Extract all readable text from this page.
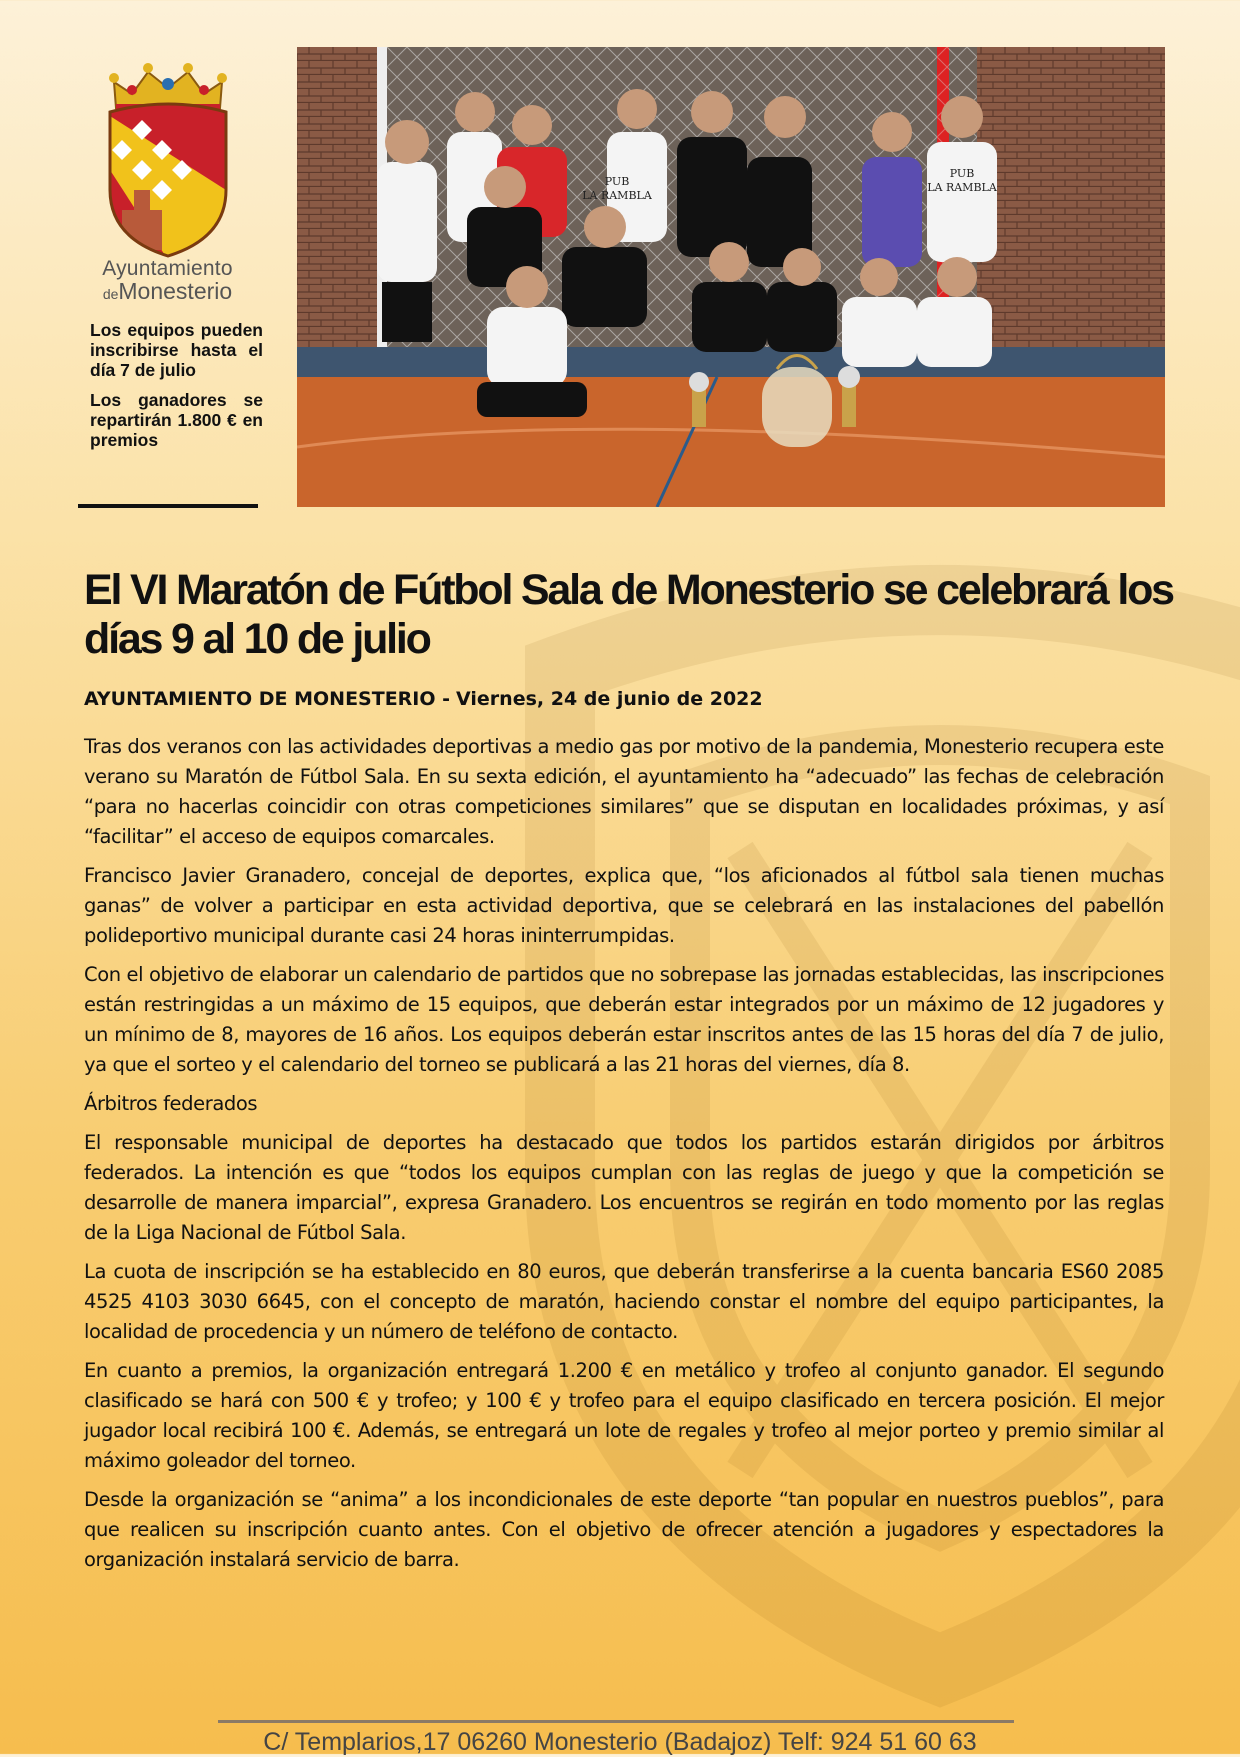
Ayuntamiento
deMonesterio

Los equipos pueden inscribirse hasta el día 7 de julio

Los ganadores se repartirán 1.800 € en premios

PUB
LA RAMBLA
PUB
LA RAMBLA
El VI Maratón de Fútbol Sala de Monesterio se celebrará los días 9 al 10 de julio

AYUNTAMIENTO DE MONESTERIO - Viernes, 24 de junio de 2022

Tras dos veranos con las actividades deportivas a medio gas por motivo de la pandemia, Monesterio recupera este verano su Maratón de Fútbol Sala. En su sexta edición, el ayuntamiento ha “adecuado” las fechas de celebración “para no hacerlas coincidir con otras competiciones similares” que se disputan en localidades próximas, y así “facilitar” el acceso de equipos comarcales.

Francisco Javier Granadero, concejal de deportes, explica que, “los aficionados al fútbol sala tienen muchas ganas” de volver a participar en esta actividad deportiva, que se celebrará en las instalaciones del pabellón polideportivo municipal durante casi 24 horas ininterrumpidas.

Con el objetivo de elaborar un calendario de partidos que no sobrepase las jornadas establecidas, las inscripciones están restringidas a un máximo de 15 equipos, que deberán estar integrados por un máximo de 12 jugadores y un mínimo de 8, mayores de 16 años. Los equipos deberán estar inscritos antes de las 15 horas del día 7 de julio, ya que el sorteo y el calendario del torneo se publicará a las 21 horas del viernes, día 8.

Árbitros federados

El responsable municipal de deportes ha destacado que todos los partidos estarán dirigidos por árbitros federados. La intención es que “todos los equipos cumplan con las reglas de juego y que la competición se desarrolle de manera imparcial”, expresa Granadero. Los encuentros se regirán en todo momento por las reglas de la Liga Nacional de Fútbol Sala.

La cuota de inscripción se ha establecido en 80 euros, que deberán transferirse a la cuenta bancaria ES60 2085 4525 4103 3030 6645, con el concepto de maratón, haciendo constar el nombre del equipo participantes, la localidad de procedencia y un número de teléfono de contacto.

En cuanto a premios, la organización entregará 1.200 € en metálico y trofeo al conjunto ganador. El segundo clasificado se hará con 500 € y trofeo; y 100 € y trofeo para el equipo clasificado en tercera posición. El mejor jugador local recibirá 100 €. Además, se entregará un lote de regales y trofeo al mejor porteo y premio similar al máximo goleador del torneo.

Desde la organización se “anima” a los incondicionales de este deporte “tan popular en nuestros pueblos”, para que realicen su inscripción cuanto antes. Con el objetivo de ofrecer atención a jugadores y espectadores la organización instalará servicio de barra.

C/ Templarios,17 06260 Monesterio (Badajoz) Telf: 924 51 60 63
